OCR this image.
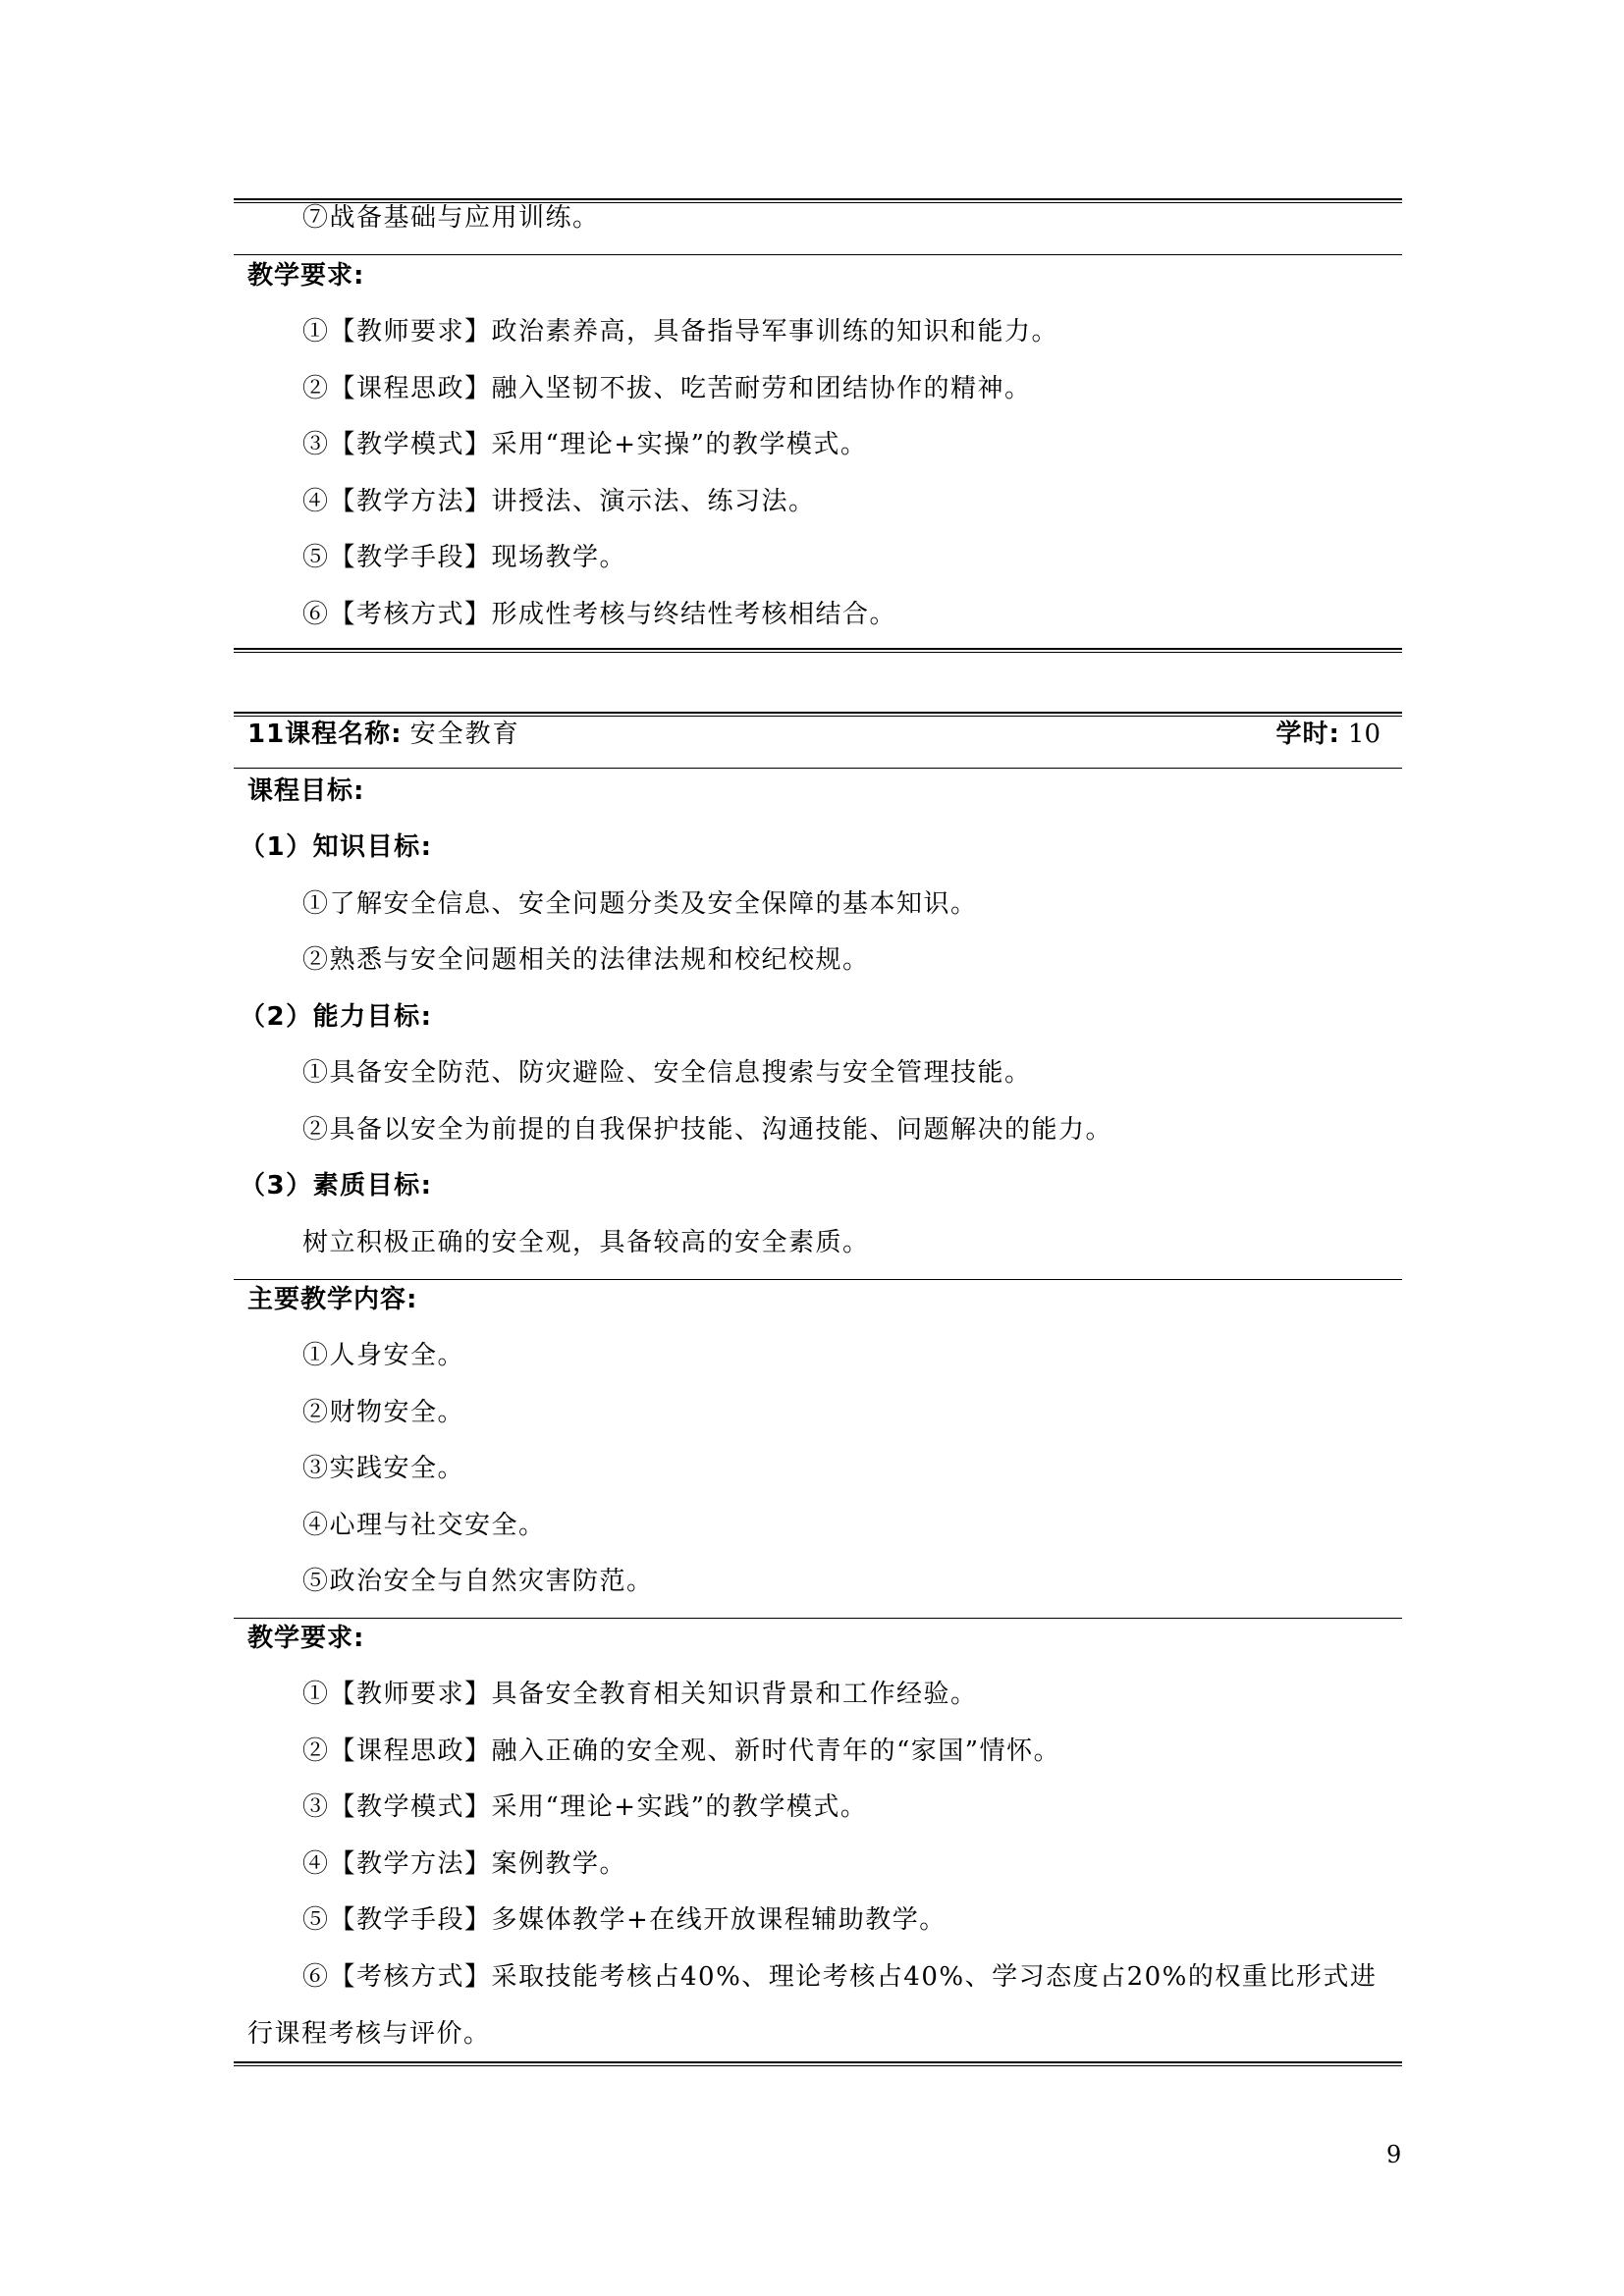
⑦战备基础与应用训练。
教学要求:
①【教师要求】政治素养高，具备指导军事训练的知识和能力。
②【课程思政】融入坚韧不拔、吃苦耐劳和团结协作的精神。
③【教学模式】采用“理论+实操”的教学模式。
④【教学方法】讲授法、演示法、练习法。
⑤【教学手段】现场教学。
⑥【考核方式】形成性考核与终结性考核相结合。
11课程名称: 安全教育	学时: 10
课程目标:
（1）知识目标:
①了解安全信息、安全问题分类及安全保障的基本知识。
②熟悉与安全问题相关的法律法规和校纪校规。
（2）能力目标:
①具备安全防范、防灾避险、安全信息搜索与安全管理技能。
②具备以安全为前提的自我保护技能、沟通技能、问题解决的能力。
（3）素质目标:
树立积极正确的安全观，具备较高的安全素质。
主要教学内容:
①人身安全。
②财物安全。
③实践安全。
④心理与社交安全。
⑤政治安全与自然灾害防范。
教学要求:
①【教师要求】具备安全教育相关知识背景和工作经验。
②【课程思政】融入正确的安全观、新时代青年的“家国”情怀。
③【教学模式】采用“理论+实践”的教学模式。
④【教学方法】案例教学。
⑤【教学手段】多媒体教学+在线开放课程辅助教学。
⑥【考核方式】采取技能考核占40%、理论考核占40%、学习态度占20%的权重比形式进行课程考核与评价。
9
